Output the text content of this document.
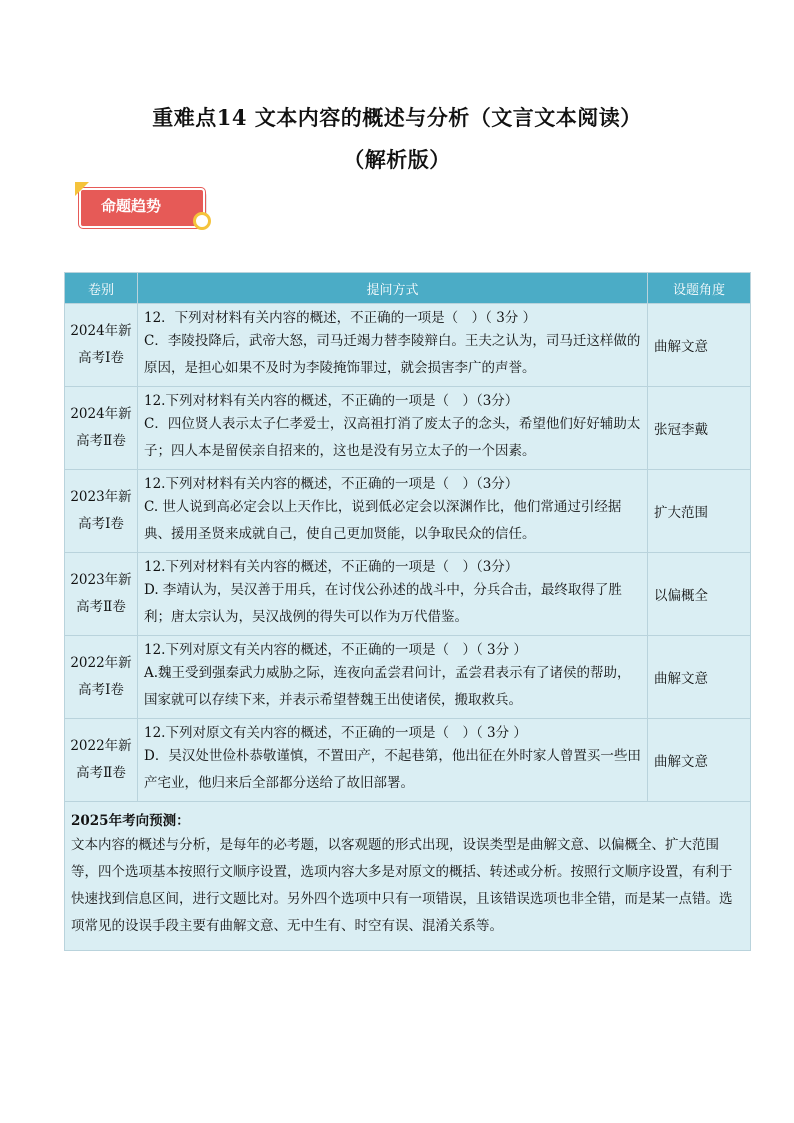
重难点14 文本内容的概述与分析（文言文本阅读）
（解析版）
命题趋势
卷别	提问方式	设题角度
2024年新高考Ⅰ卷	12．下列对材料有关内容的概述，不正确的一项是（　）（ 3分 ）
C．李陵投降后，武帝大怒，司马迁竭力替李陵辩白。王夫之认为，司马迁这样做的原因，是担心如果不及时为李陵掩饰罪过，就会损害李广的声誉。	曲解文意
2024年新高考Ⅱ卷	12.下列对材料有关内容的概述，不正确的一项是（　）（3分）
C．四位贤人表示太子仁孝爱士，汉高祖打消了废太子的念头，希望他们好好辅助太子；四人本是留侯亲自招来的，这也是没有另立太子的一个因素。	张冠李戴
2023年新高考Ⅰ卷	12.下列对材料有关内容的概述，不正确的一项是（　）（3分）
C. 世人说到高必定会以上天作比，说到低必定会以深渊作比，他们常通过引经据典、援用圣贤来成就自己，使自己更加贤能，以争取民众的信任。	扩大范围
2023年新高考Ⅱ卷	12.下列对材料有关内容的概述，不正确的一项是（　）（3分）
D. 李靖认为，吴汉善于用兵，在讨伐公孙述的战斗中，分兵合击，最终取得了胜利；唐太宗认为，吴汉战例的得失可以作为万代借鉴。	以偏概全
2022年新高考Ⅰ卷	12.下列对原文有关内容的概述，不正确的一项是（　）（ 3分 ）
A.魏王受到强秦武力威胁之际，连夜向孟尝君问计，孟尝君表示有了诸侯的帮助，国家就可以存续下来，并表示希望替魏王出使诸侯，搬取救兵。	曲解文意
2022年新高考Ⅱ卷	12.下列对原文有关内容的概述，不正确的一项是（　）（ 3分 ）
D．吴汉处世俭朴恭敬谨慎，不置田产，不起巷第，他出征在外时家人曾置买一些田产宅业，他归来后全部都分送给了故旧部署。	曲解文意

2025年考向预测：
文本内容的概述与分析，是每年的必考题，以客观题的形式出现，设误类型是曲解文意、以偏概全、扩大范围等，四个选项基本按照行文顺序设置，选项内容大多是对原文的概括、转述或分析。按照行文顺序设置，有利于快速找到信息区间，进行文题比对。另外四个选项中只有一项错误，且该错误选项也非全错，而是某一点错。选项常见的设误手段主要有曲解文意、无中生有、时空有误、混淆关系等。		
